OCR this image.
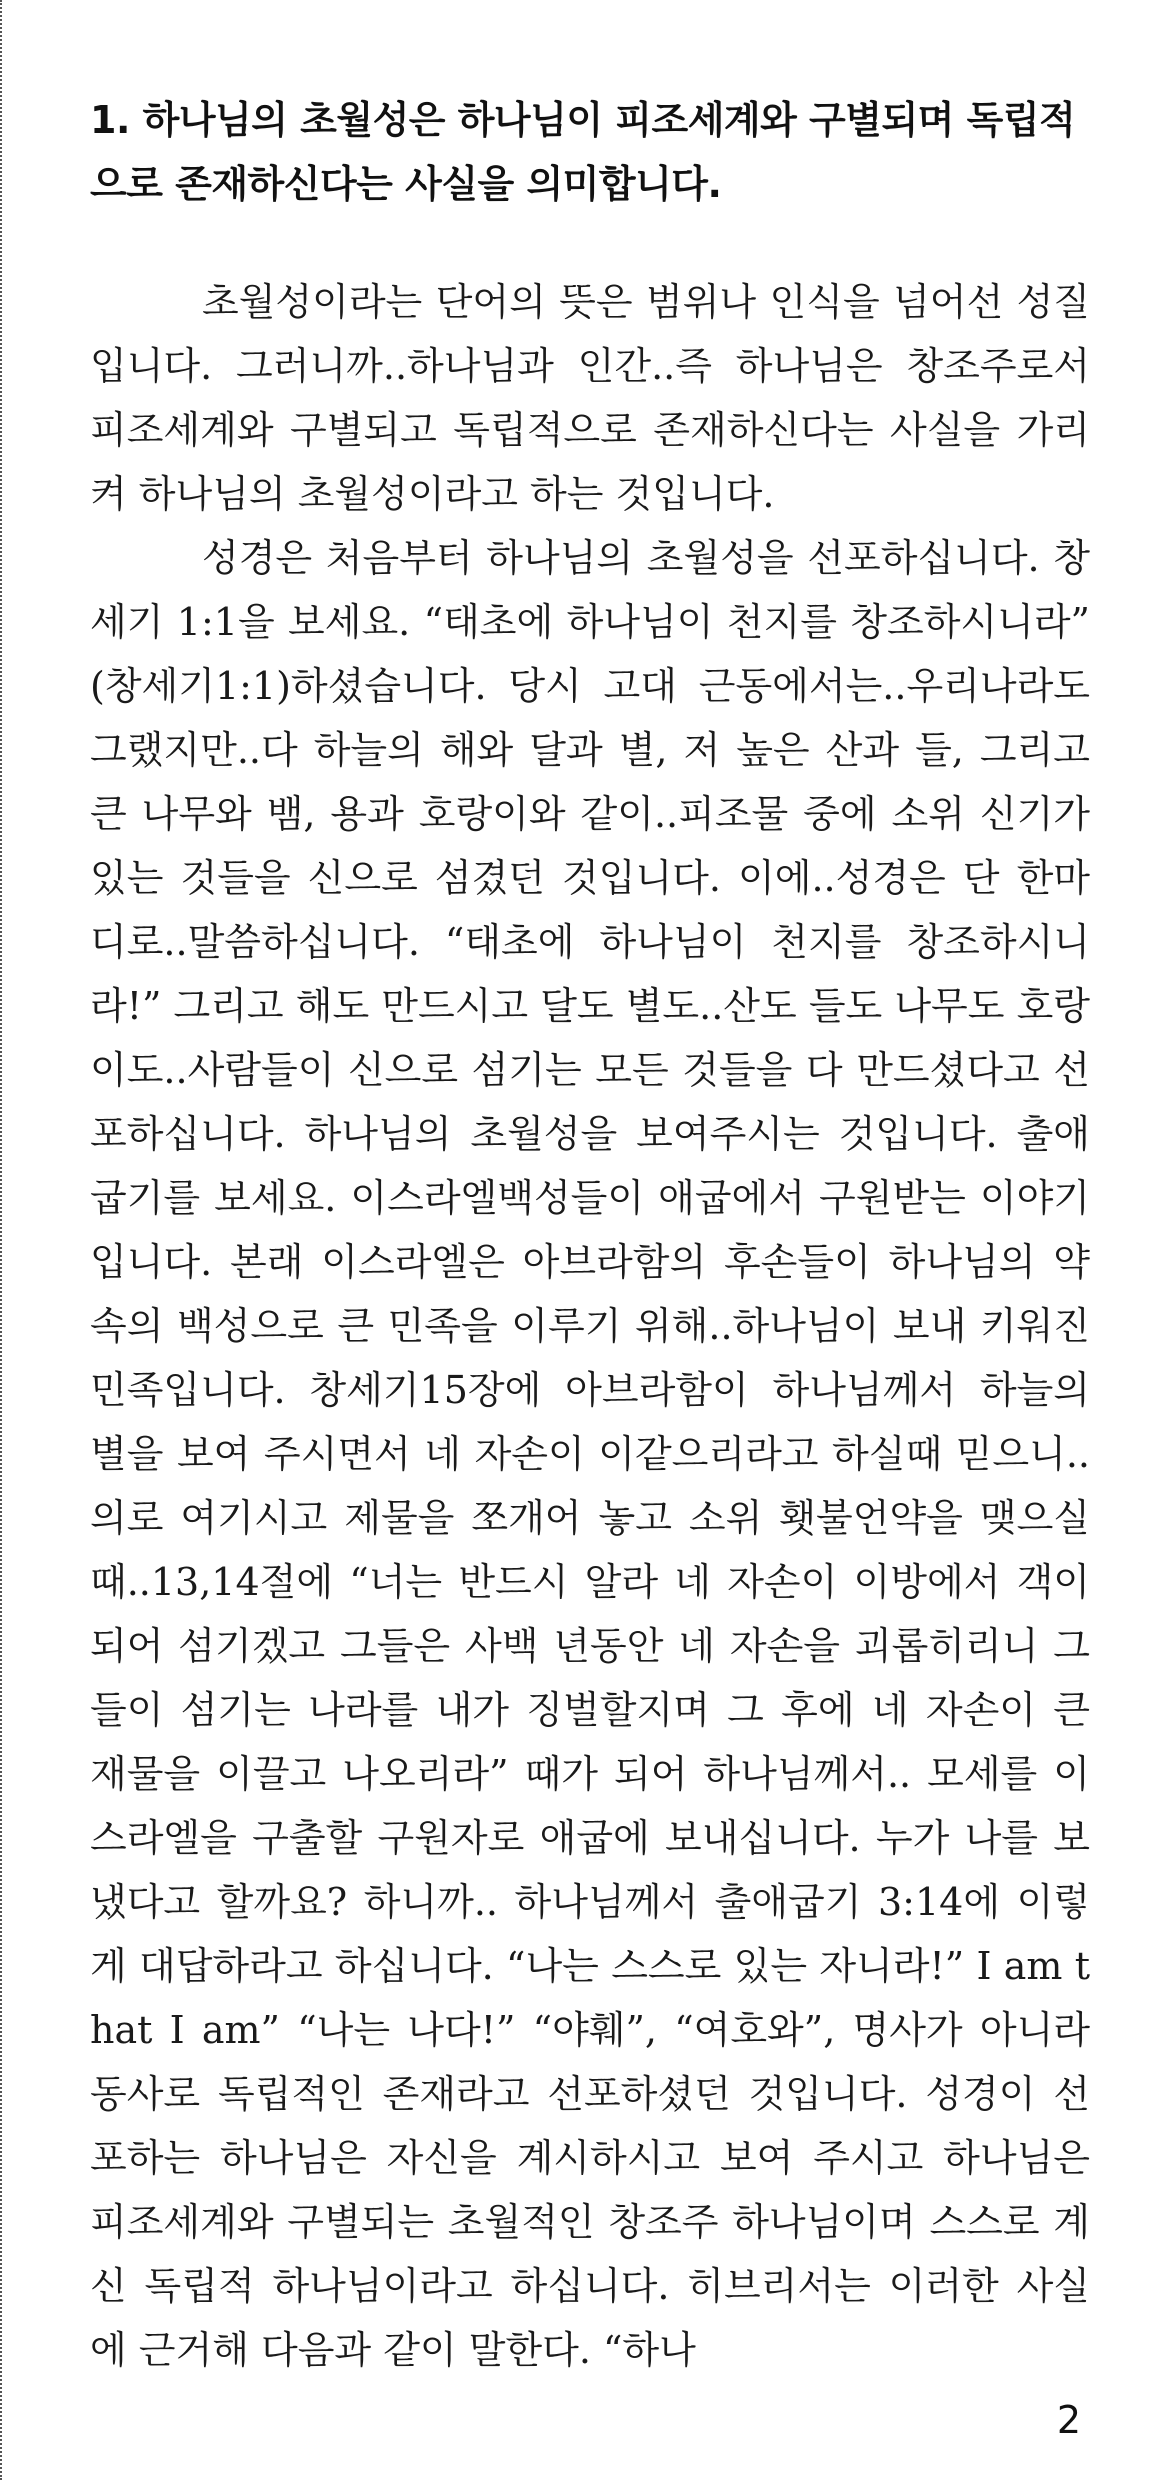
1. 하나님의 초월성은 하나님이 피조세계와 구별되며 독립적으로 존재하신다는 사실을 의미합니다.

초월성이라는 단어의 뜻은 범위나 인식을 넘어선 성질입니다. 그러니까..하나님과 인간..즉 하나님은 창조주로서 피조세계와 구별되고 독립적으로 존재하신다는 사실을 가리켜 하나님의 초월성이라고 하는 것입니다.

성경은 처음부터 하나님의 초월성을 선포하십니다. 창세기 1:1을 보세요. “태초에 하나님이 천지를 창조하시니라” (창세기1:1)하셨습니다. 당시 고대 근동에서는..우리나라도 그랬지만..다 하늘의 해와 달과 별, 저 높은 산과 들, 그리고 큰 나무와 뱀, 용과 호랑이와 같이..피조물 중에 소위 신기가 있는 것들을 신으로 섬겼던 것입니다. 이에..성경은 단 한마디로..말씀하십니다. “태초에 하나님이 천지를 창조하시니라!” 그리고 해도 만드시고 달도 별도..산도 들도 나무도 호랑이도..사람들이 신으로 섬기는 모든 것들을 다 만드셨다고 선포하십니다. 하나님의 초월성을 보여주시는 것입니다. 출애굽기를 보세요. 이스라엘백성들이 애굽에서 구원받는 이야기입니다. 본래 이스라엘은 아브라함의 후손들이 하나님의 약속의 백성으로 큰 민족을 이루기 위해..하나님이 보내 키워진 민족입니다. 창세기15장에 아브라함이 하나님께서 하늘의 별을 보여 주시면서 네 자손이 이같으리라고 하실때 믿으니..의로 여기시고 제물을 쪼개어 놓고 소위 횃불언약을 맺으실 때..13,14절에 “너는 반드시 알라 네 자손이 이방에서 객이 되어 섬기겠고 그들은 사백 년동안 네 자손을 괴롭히리니 그들이 섬기는 나라를 내가 징벌할지며 그 후에 네 자손이 큰 재물을 이끌고 나오리라” 때가 되어 하나님께서.. 모세를 이스라엘을 구출할 구원자로 애굽에 보내십니다. 누가 나를 보냈다고 할까요? 하니까.. 하나님께서 출애굽기 3:14에 이렇게 대답하라고 하십니다. “나는 스스로 있는 자니라!” I am that I am” “나는 나다!” “야훼”, “여호와”, 명사가 아니라 동사로 독립적인 존재라고 선포하셨던 것입니다. 성경이 선포하는 하나님은 자신을 계시하시고 보여 주시고 하나님은 피조세계와 구별되는 초월적인 창조주 하나님이며 스스로 계신 독립적 하나님이라고 하십니다. 히브리서는 이러한 사실에 근거해 다음과 같이 말한다. “하나

2
